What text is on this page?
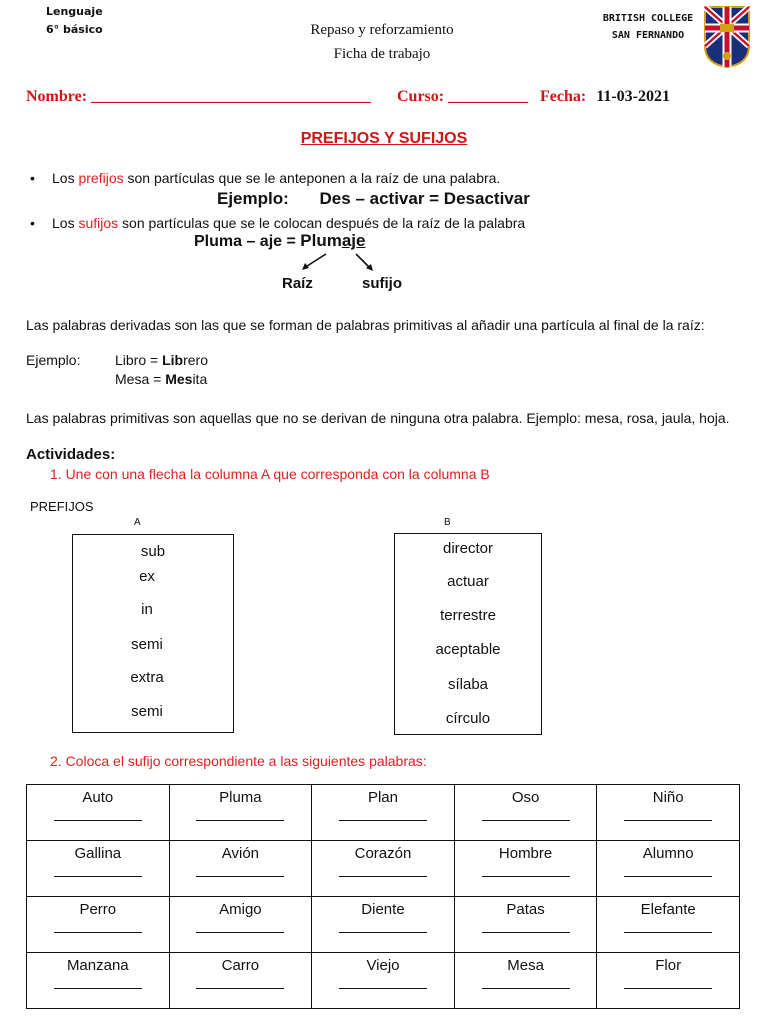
Lenguaje
6° básico	Repaso y reforzamiento
Ficha de trabajo
BRITISH COLLEGE
SAN FERNANDO
Nombre: ___________________________________ Curso: __________ Fecha: 11-03-2021
PREFIJOS Y SUFIJOS
• Los prefijos son partículas que se le anteponen a la raíz de una palabra.
Ejemplo: Des – activar = Desactivar
• Los sufijos son partículas que se le colocan después de la raíz de la palabra
Pluma – aje = Plumaje
Raíz	sufijo
Las palabras derivadas son las que se forman de palabras primitivas al añadir una partícula al final de la raíz:
Ejemplo: Libro = Librero
Mesa = Mesita
Las palabras primitivas son aquellas que no se derivan de ninguna otra palabra. Ejemplo: mesa, rosa, jaula, hoja.
Actividades:
1. Une con una flecha la columna A que corresponda con la columna B
PREFIJOS
A	B
sub
ex
in
semi
extra
semi
director
actuar
terrestre
aceptable
sílaba
círculo
2. Coloca el sufijo correspondiente a las siguientes palabras:
Auto	Pluma	Plan	Oso	Niño

Gallina	Avión	Corazón	Hombre	Alumno

Perro	Amigo	Diente	Patas	Elefante

Manzana	Carro	Viejo	Mesa	Flor
